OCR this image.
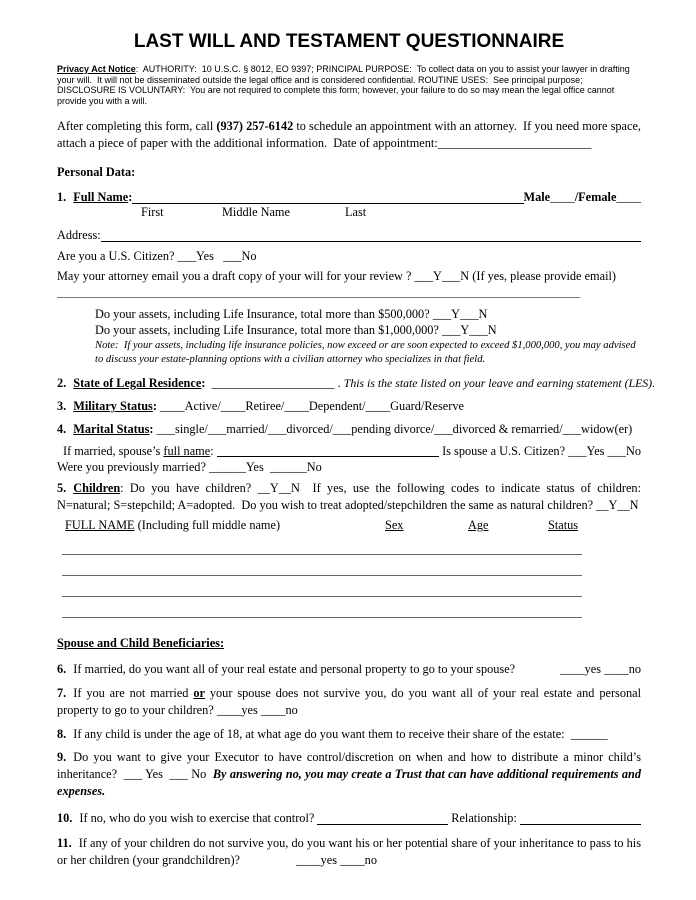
LAST WILL AND TESTAMENT QUESTIONNAIRE

Privacy Act Notice:  AUTHORITY:  10 U.S.C. § 8012, EO 9397; PRINCIPAL PURPOSE:  To collect data on you to assist your lawyer in drafting your will.  It will not be disseminated outside the legal office and is considered confidential. ROUTINE USES:  See principal purpose; DISCLOSURE IS VOLUNTARY:  You are not required to complete this form; however, your failure to do so may mean the legal office cannot provide you with a will.

After completing this form, call (937) 257-6142 to schedule an appointment with an attorney.  If you need more space, attach a piece of paper with the additional information.  Date of appointment:_________________________

Personal Data:

1. Full Name :	Male ____ /Female ____
First	Middle Name	Last
Address:

Are you a U.S. Citizen? ___Yes   ___No

May your attorney email you a draft copy of your will for your review ? ___Y___N (If yes, please provide email)

Do your assets, including Life Insurance, total more than $500,000? ___Y___N

Do your assets, including Life Insurance, total more than $1,000,000? ___Y___N

Note:  If your assets, including life insurance policies, now exceed or are soon expected to exceed $1,000,000, you may advised to discuss your estate-planning options with a civilian attorney who specializes in that field.

2. State of Legal Residence:  ____________________ . This is the state listed on your leave and earning statement (LES).

3. Military Status: ____Active/____Retiree/____Dependent/____Guard/Reserve

4. Marital Status: ___single/___married/___divorced/___pending divorce/___divorced & remarried/___widow(er)

If married, spouse’s full name :	Is spouse a U.S. Citizen? ___Yes ___No

Were you previously married? ______Yes  ______No

5. Children: Do you have children? __Y__N  If yes, use the following codes to indicate status of children: N=natural; S=stepchild; A=adopted.  Do you wish to treat adopted/stepchildren the same as natural children? __Y__N

FULL NAME (Including full middle name)	Sex	Age	Status

Spouse and Child Beneficiaries:

6. If married, do you want all of your real estate and personal property to go to your spouse?	____yes ____no

7. If you are not married or your spouse does not survive you, do you want all of your real estate and personal property to go to your children? ____yes ____no

8. If any child is under the age of 18, at what age do you want them to receive their share of the estate:  ______

9. Do you want to give your Executor to have control/discretion on when and how to distribute a minor child’s inheritance?  ___ Yes  ___ No  By answering no, you may create a Trust that can have additional requirements and expenses.

10. If no, who do you wish to exercise that control?	Relationship:

11. If any of your children do not survive you, do you want his or her potential share of your inheritance to pass to his or her children (your grandchildren)?	____yes ____no
